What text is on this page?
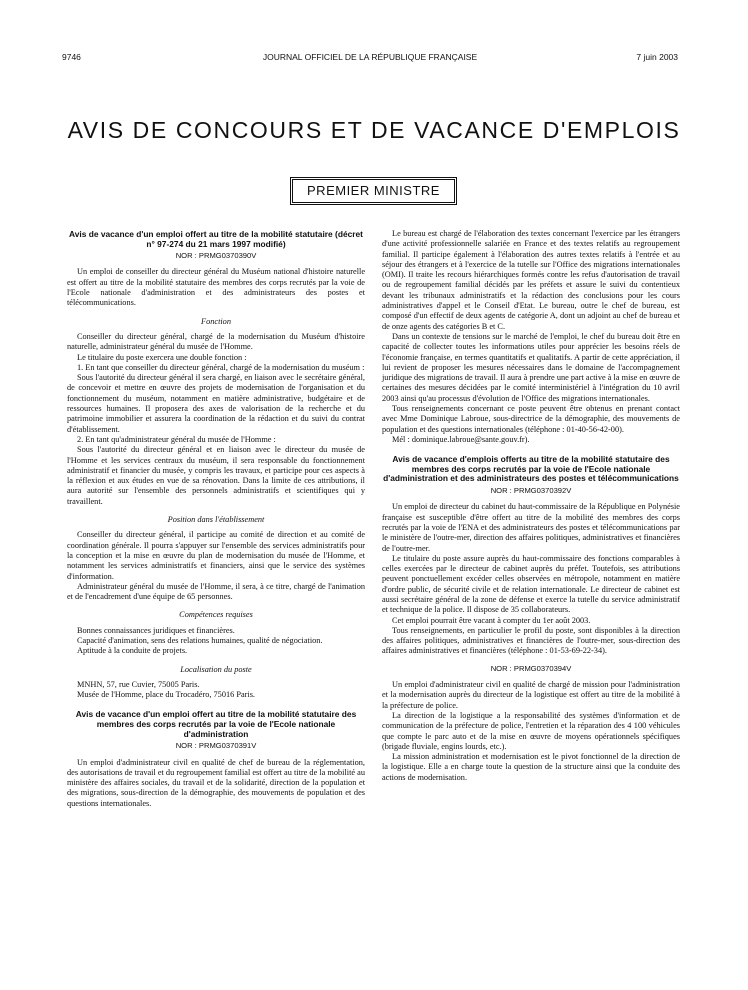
9746	JOURNAL OFFICIEL DE LA RÉPUBLIQUE FRANÇAISE	7 juin 2003
AVIS DE CONCOURS ET DE VACANCE D'EMPLOIS
PREMIER MINISTRE
Avis de vacance d'un emploi offert au titre de la mobilité statutaire (décret n° 97-274 du 21 mars 1997 modifié)
NOR : PRMG0370390V

Un emploi de conseiller du directeur général du Muséum national d'histoire naturelle est offert au titre de la mobilité statutaire des membres des corps recrutés par la voie de l'Ecole nationale d'administration et des administrateurs des postes et télécommunications.

Fonction

Conseiller du directeur général, chargé de la modernisation du Muséum d'histoire naturelle, administrateur général du musée de l'Homme.

Le titulaire du poste exercera une double fonction :

1. En tant que conseiller du directeur général, chargé de la modernisation du muséum :

Sous l'autorité du directeur général il sera chargé, en liaison avec le secrétaire général, de concevoir et mettre en œuvre des projets de modernisation de l'organisation et du fonctionnement du muséum, notamment en matière administrative, budgétaire et de ressources humaines. Il proposera des axes de valorisation de la recherche et du patrimoine immobilier et assurera la coordination de la rédaction et du suivi du contrat d'établissement.

2. En tant qu'administrateur général du musée de l'Homme :

Sous l'autorité du directeur général et en liaison avec le directeur du musée de l'Homme et les services centraux du muséum, il sera responsable du fonctionnement administratif et financier du musée, y compris les travaux, et participe pour ces aspects à la réflexion et aux études en vue de sa rénovation. Dans la limite de ces attributions, il aura autorité sur l'ensemble des personnels administratifs et scientifiques qui y travaillent.

Position dans l'établissement

Conseiller du directeur général, il participe au comité de direction et au comité de coordination générale. Il pourra s'appuyer sur l'ensemble des services administratifs pour la conception et la mise en œuvre du plan de modernisation du musée de l'Homme, et notamment les services administratifs et financiers, ainsi que le service des systèmes d'information.

Administrateur général du musée de l'Homme, il sera, à ce titre, chargé de l'animation et de l'encadrement d'une équipe de 65 personnes.

Compétences requises

Bonnes connaissances juridiques et financières.

Capacité d'animation, sens des relations humaines, qualité de négociation.

Aptitude à la conduite de projets.

Localisation du poste

MNHN, 57, rue Cuvier, 75005 Paris.

Musée de l'Homme, place du Trocadéro, 75016 Paris.

Avis de vacance d'un emploi offert au titre de la mobilité statutaire des membres des corps recrutés par la voie de l'Ecole nationale d'administration
NOR : PRMG0370391V

Un emploi d'administrateur civil en qualité de chef de bureau de la réglementation, des autorisations de travail et du regroupement familial est offert au titre de la mobilité au ministère des affaires sociales, du travail et de la solidarité, direction de la population et des migrations, sous-direction de la démographie, des mouvements de population et des questions internationales.

Le bureau est chargé de l'élaboration des textes concernant l'exercice par les étrangers d'une activité professionnelle salariée en France et des textes relatifs au regroupement familial. Il participe également à l'élaboration des autres textes relatifs à l'entrée et au séjour des étrangers et à l'exercice de la tutelle sur l'Office des migrations internationales (OMI). Il traite les recours hiérarchiques formés contre les refus d'autorisation de travail ou de regroupement familial décidés par les préfets et assure le suivi du contentieux devant les tribunaux administratifs et la rédaction des conclusions pour les cours administratives d'appel et le Conseil d'Etat. Le bureau, outre le chef de bureau, est composé d'un effectif de deux agents de catégorie A, dont un adjoint au chef de bureau et de onze agents des catégories B et C.

Dans un contexte de tensions sur le marché de l'emploi, le chef du bureau doit être en capacité de collecter toutes les informations utiles pour apprécier les besoins réels de l'économie française, en termes quantitatifs et qualitatifs. A partir de cette appréciation, il lui revient de proposer les mesures nécessaires dans le domaine de l'accompagnement juridique des migrations de travail. Il aura à prendre une part active à la mise en œuvre de certaines des mesures décidées par le comité interministériel à l'intégration du 10 avril 2003 ainsi qu'au processus d'évolution de l'Office des migrations internationales.

Tous renseignements concernant ce poste peuvent être obtenus en prenant contact avec Mme Dominique Labroue, sous-directrice de la démographie, des mouvements de population et des questions internationales (téléphone : 01-40-56-42-00).

Mél : dominique.labroue@sante.gouv.fr).

Avis de vacance d'emplois offerts au titre de la mobilité statutaire des membres des corps recrutés par la voie de l'Ecole nationale d'administration et des administrateurs des postes et télécommunications
NOR : PRMG0370392V

Un emploi de directeur du cabinet du haut-commissaire de la République en Polynésie française est susceptible d'être offert au titre de la mobilité des membres des corps recrutés par la voie de l'ENA et des administrateurs des postes et télécommunications par le ministère de l'outre-mer, direction des affaires politiques, administratives et financières de l'outre-mer.

Le titulaire du poste assure auprès du haut-commissaire des fonctions comparables à celles exercées par le directeur de cabinet auprès du préfet. Toutefois, ses attributions peuvent ponctuellement excéder celles observées en métropole, notamment en matière d'ordre public, de sécurité civile et de relation internationale. Le directeur de cabinet est aussi secrétaire général de la zone de défense et exerce la tutelle du service administratif et technique de la police. Il dispose de 35 collaborateurs.

Cet emploi pourrait être vacant à compter du 1er août 2003.

Tous renseignements, en particulier le profil du poste, sont disponibles à la direction des affaires politiques, administratives et financières de l'outre-mer, sous-direction des affaires administratives et financières (téléphone : 01-53-69-22-34).

NOR : PRMG0370394V

Un emploi d'administrateur civil en qualité de chargé de mission pour l'administration et la modernisation auprès du directeur de la logistique est offert au titre de la mobilité à la préfecture de police.

La direction de la logistique a la responsabilité des systèmes d'information et de communication de la préfecture de police, l'entretien et la réparation des 4 100 véhicules que compte le parc auto et de la mise en œuvre de moyens opérationnels spécifiques (brigade fluviale, engins lourds, etc.).

La mission administration et modernisation est le pivot fonctionnel de la direction de la logistique. Elle a en charge toute la question de la structure ainsi que la conduite des actions de modernisation.
